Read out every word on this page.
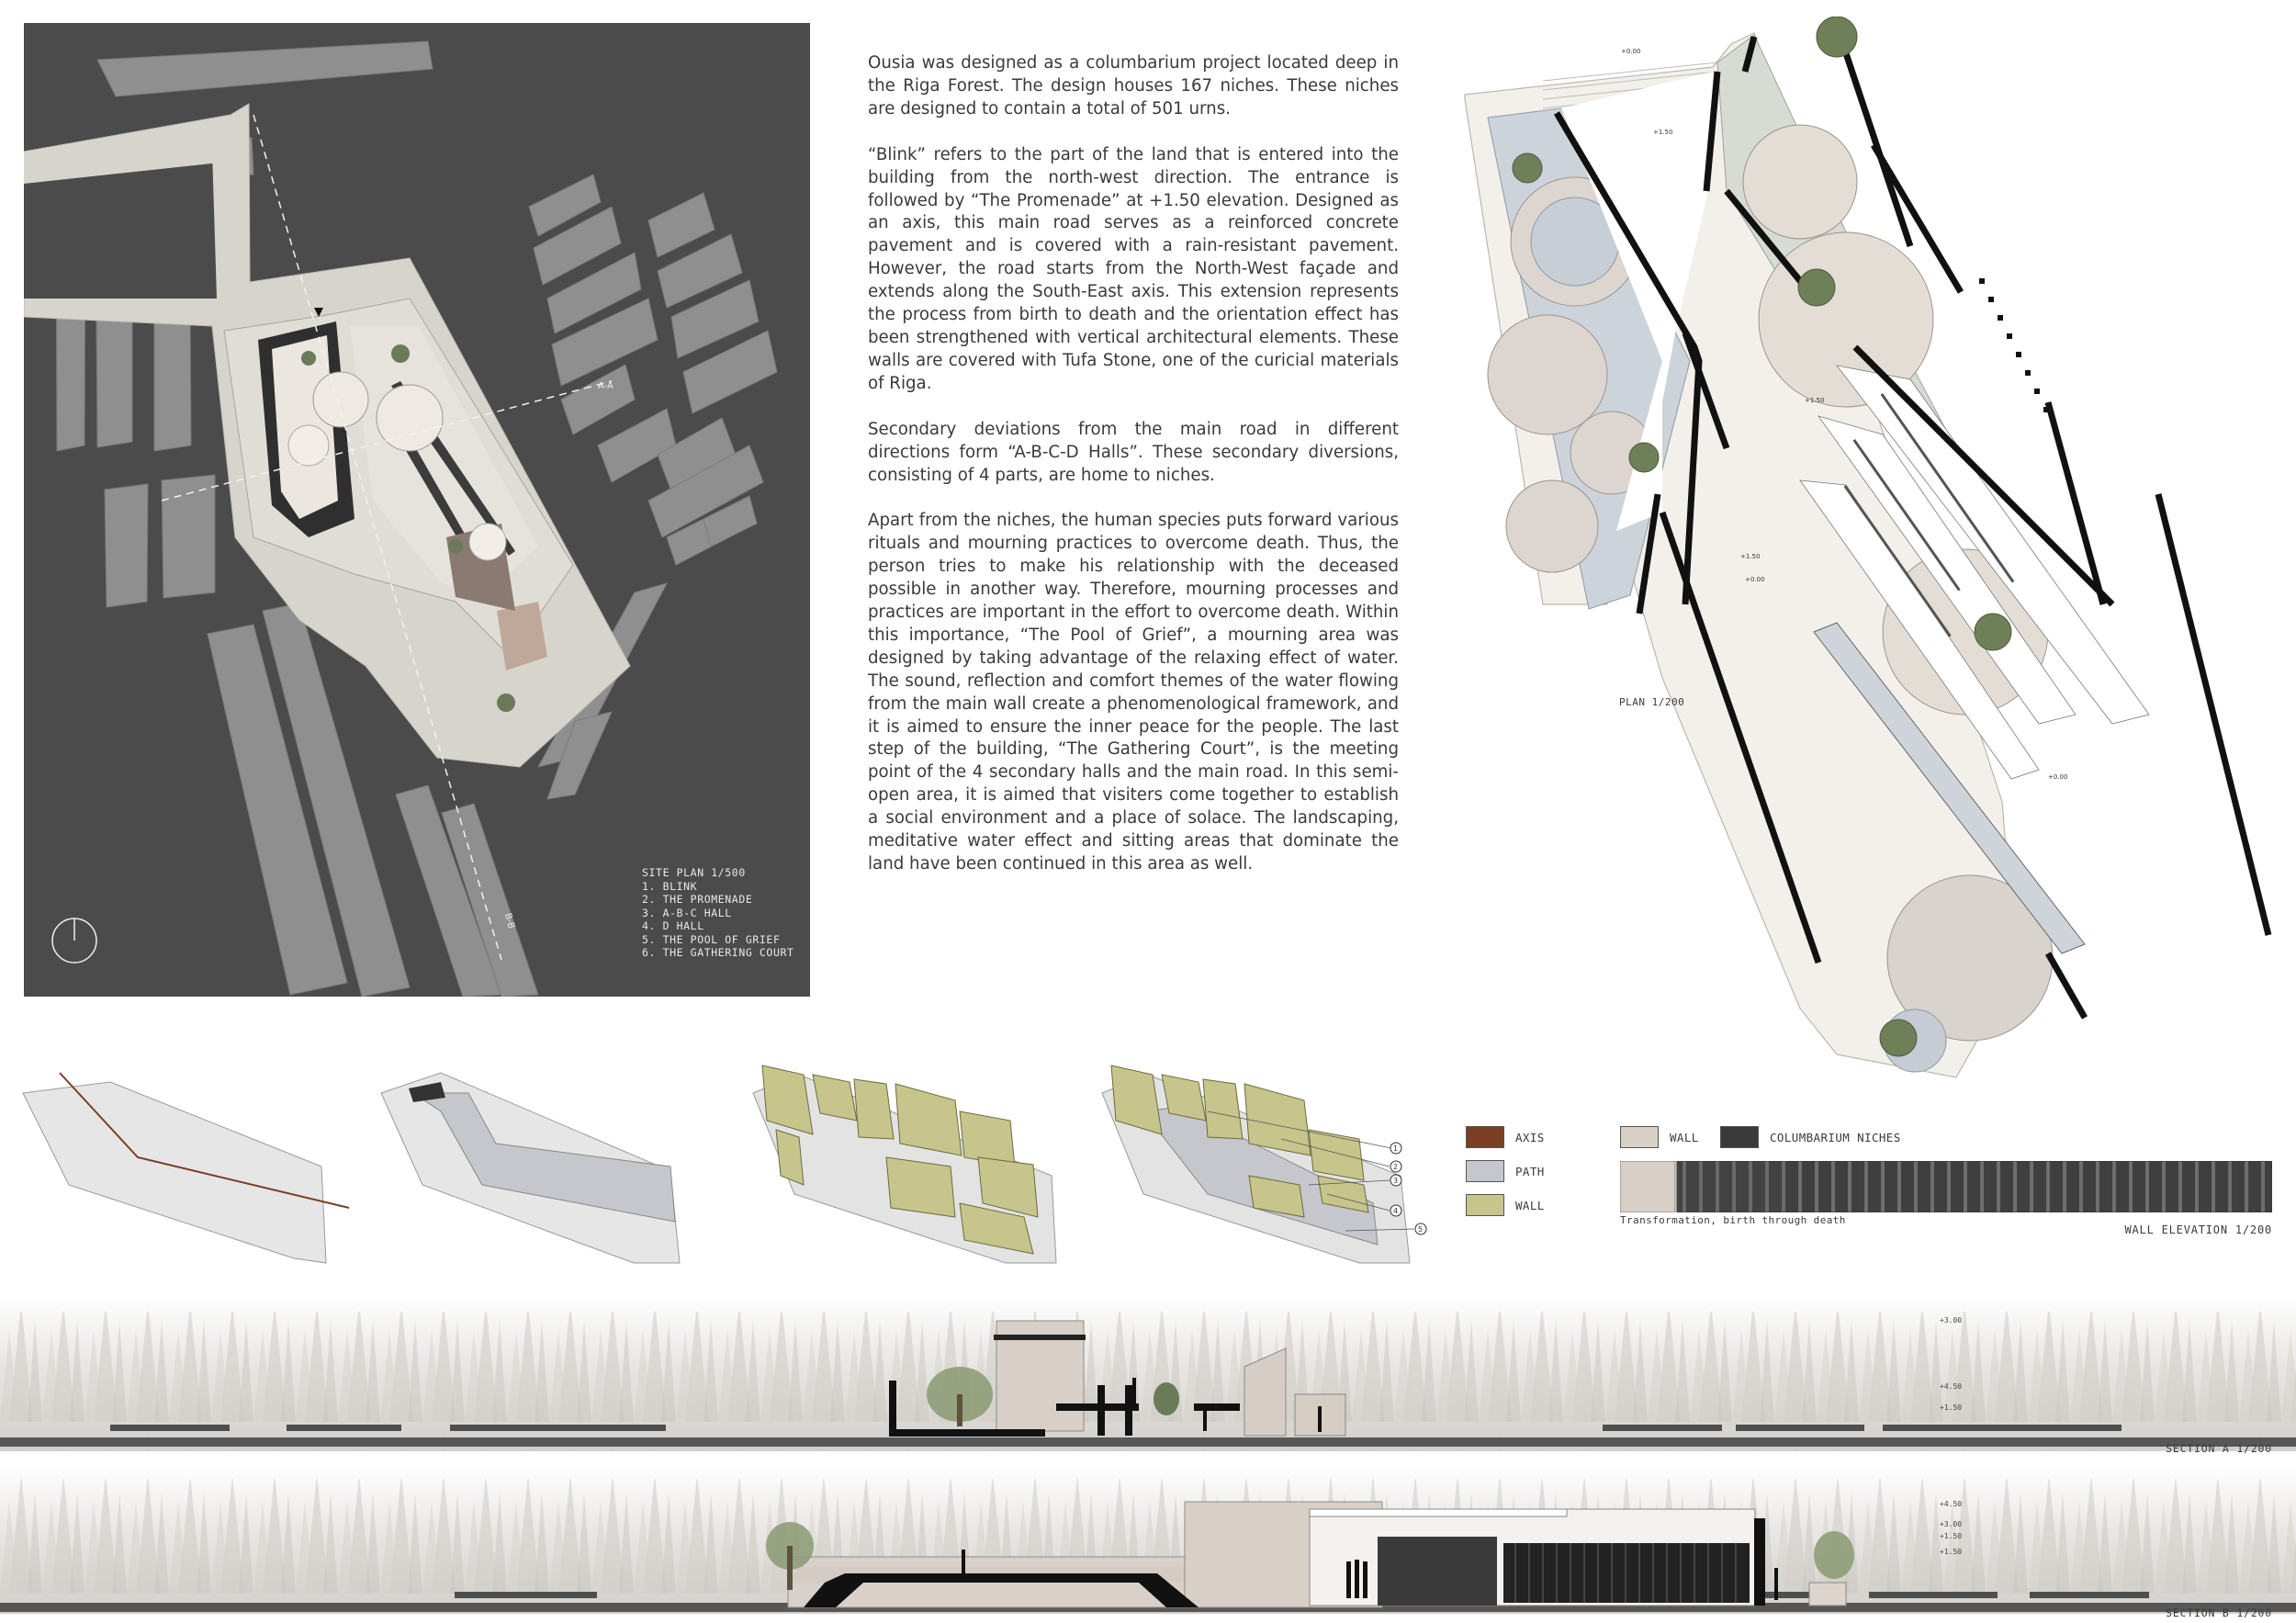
A-A
B-B
SITE PLAN 1/500
1. BLINK
2. THE PROMENADE
3. A-B-C HALL
4. D HALL
5. THE POOL OF GRIEF
6. THE GATHERING COURT

Ousia was designed as a columbarium project located deep in the Riga Forest. The design houses 167 niches. These niches are designed to contain a total of 501 urns.

“Blink” refers to the part of the land that is entered into the building from the north-west direction. The entrance is followed by “The Promenade” at +1.50 elevation. Designed as an axis, this main road serves as a reinforced concrete pavement and is covered with a rain-resistant pavement. However, the road starts from the North-West façade and extends along the South-East axis. This extension represents the process from birth to death and the orientation effect has been strengthened with vertical architectural elements. These walls are covered with Tufa Stone, one of the curicial materials of Riga.

Secondary deviations from the main road in different directions form “A-B-C-D Halls”. These secondary diversions, consisting of 4 parts, are home to niches.

Apart from the niches, the human species puts forward various rituals and mourning practices to overcome death. Thus, the person tries to make his relationship with the deceased possible in another way. Therefore, mourning processes and practices are important in the effort to overcome death. Within this importance, “The Pool of Grief”, a mourning area was designed by taking advantage of the relaxing effect of water. The sound, reflection and comfort themes of the water flowing from the main wall create a phenomenological framework, and it is aimed to ensure the inner peace for the people. The last step of the building, “The Gathering Court”, is the meeting point of the 4 secondary halls and the main road. In this semi-open area, it is aimed that visiters come together to establish a social environment and a place of solace. The landscaping, meditative water effect and sitting areas that dominate the land have been continued in this area as well.

+0.00
+1.50
+1.50
+0.00
+1.50
+0.00
PLAN 1/200
1
2
3
4
5
AXIS
PATH
WALL
WALL	COLUMBARIUM NICHES
Transformation, birth through death
WALL ELEVATION 1/200
+3.00
+4.50
+1.50
SECTION A 1/200
+4.50
+3.00
+1.50
+1.50
SECTION B 1/200
